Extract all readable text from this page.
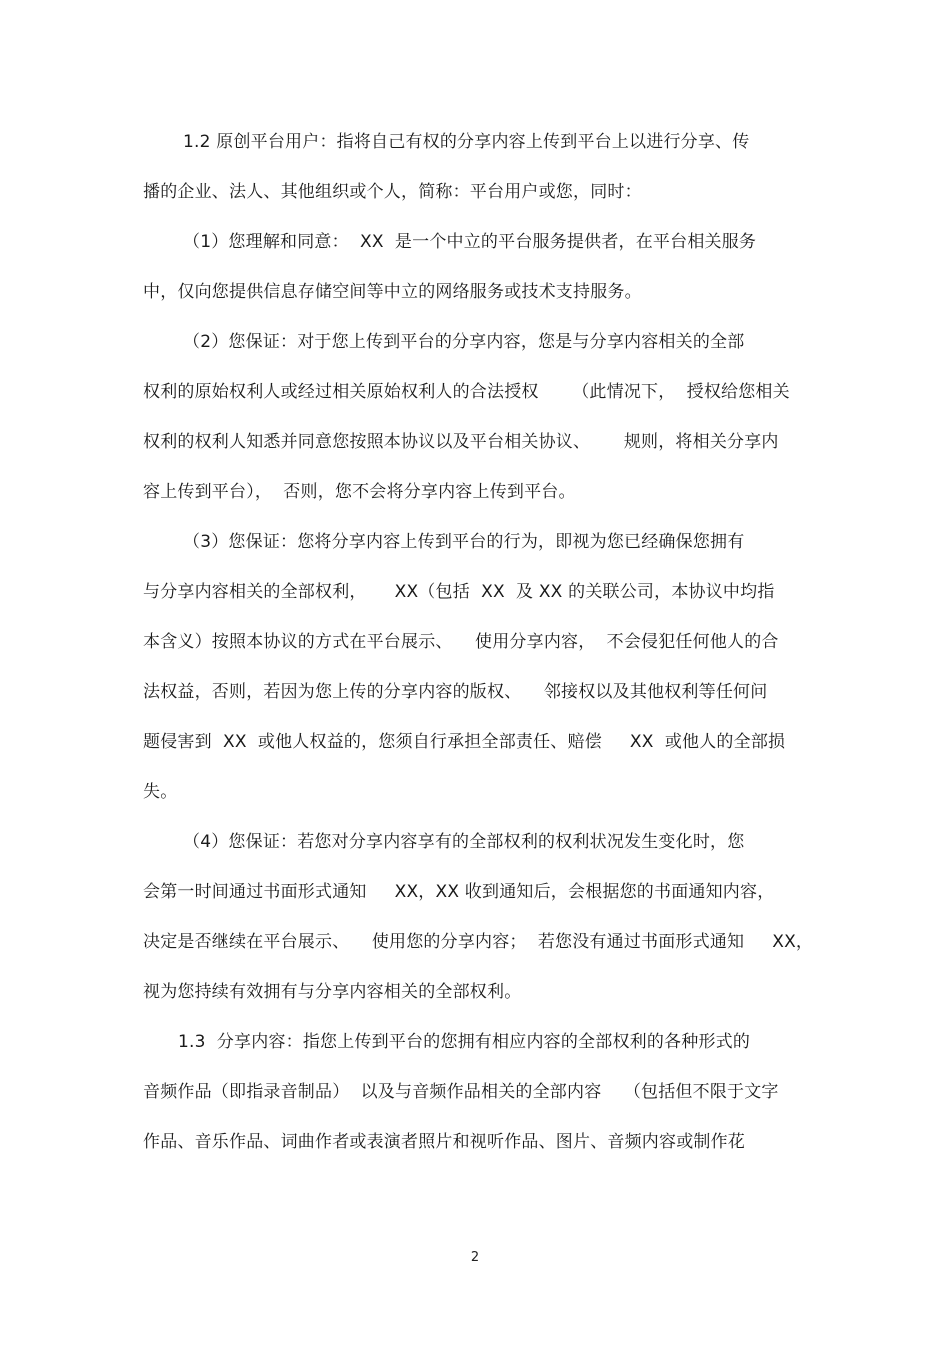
1.2 原创平台用户：指将自己有权的分享内容上传到平台上以进行分享、传
播的企业、法人、其他组织或个人，简称：平台用户或您，同时：
（1）您理解和同意：  XX  是一个中立的平台服务提供者，在平台相关服务
中，仅向您提供信息存储空间等中立的网络服务或技术支持服务。
（2）您保证：对于您上传到平台的分享内容，您是与分享内容相关的全部
权利的原始权利人或经过相关原始权利人的合法授权      （此情况下，  授权给您相关
权利的权利人知悉并同意您按照本协议以及平台相关协议、      规则，将相关分享内
容上传到平台），  否则，您不会将分享内容上传到平台。
（3）您保证：您将分享内容上传到平台的行为，即视为您已经确保您拥有
与分享内容相关的全部权利，     XX（包括  XX  及 XX 的关联公司，本协议中均指
本含义）按照本协议的方式在平台展示、    使用分享内容，  不会侵犯任何他人的合
法权益，否则，若因为您上传的分享内容的版权、    邻接权以及其他权利等任何问
题侵害到  XX  或他人权益的，您须自行承担全部责任、赔偿     XX  或他人的全部损
失。
（4）您保证：若您对分享内容享有的全部权利的权利状况发生变化时，您
会第一时间通过书面形式通知     XX，XX 收到通知后，会根据您的书面通知内容，
决定是否继续在平台展示、    使用您的分享内容；  若您没有通过书面形式通知     XX，
视为您持续有效拥有与分享内容相关的全部权利。
1.3  分享内容：指您上传到平台的您拥有相应内容的全部权利的各种形式的
音频作品（即指录音制品）  以及与音频作品相关的全部内容    （包括但不限于文字
作品、音乐作品、词曲作者或表演者照片和视听作品、图片、音频内容或制作花
2
